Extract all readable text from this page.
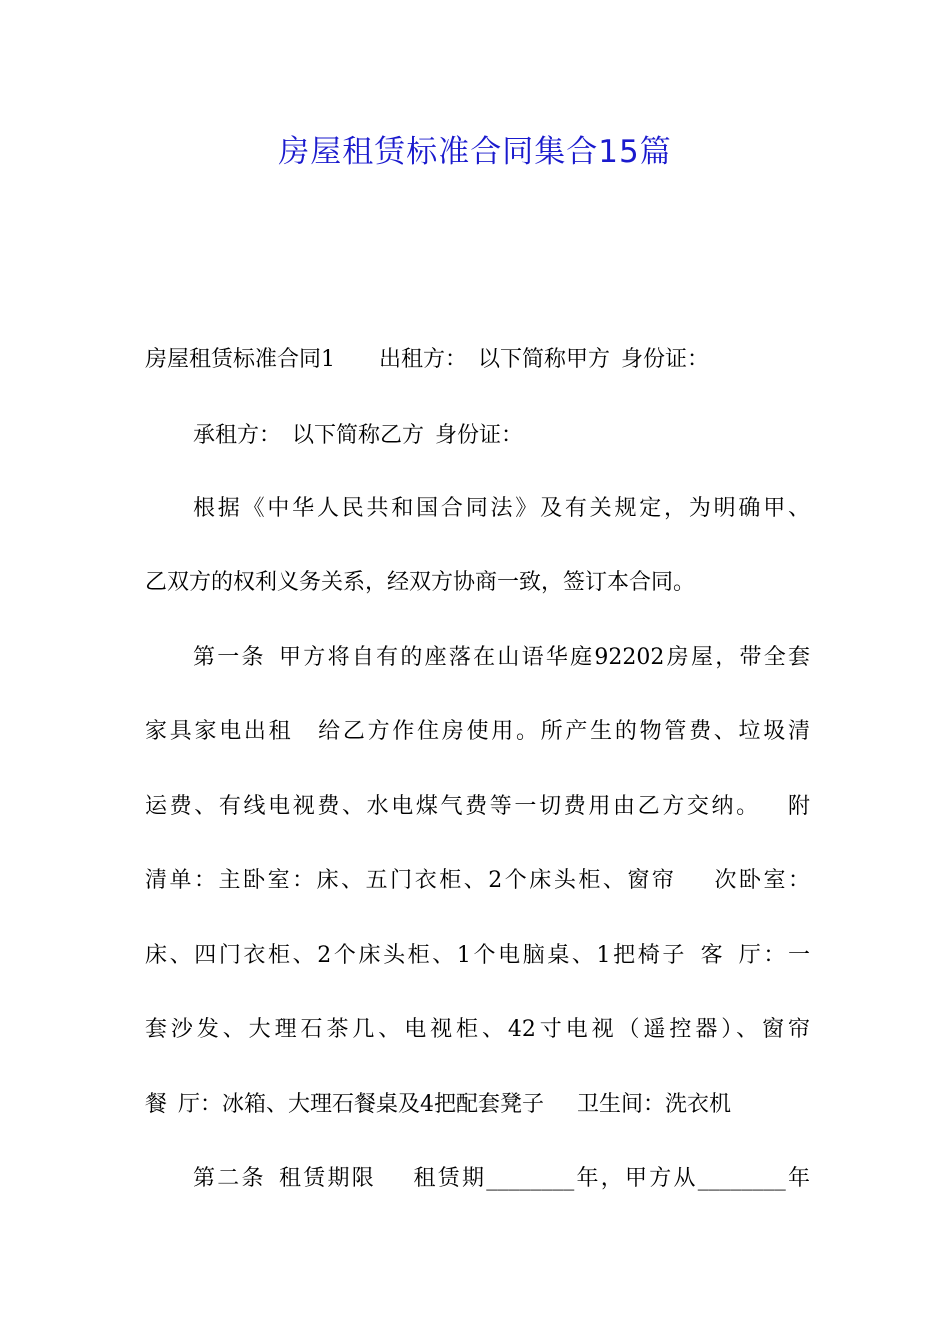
房屋租赁标准合同集合15篇
房屋租赁标准合同1　　出租方：　以下简称甲方 身份证：
承租方：　以下简称乙方 身份证：
根据《中华人民共和国合同法》及有关规定，为明确甲、
乙双方的权利义务关系，经双方协商一致，签订本合同。
第一条 甲方将自有的座落在山语华庭92202房屋，带全套
家具家电出租　给乙方作住房使用。所产生的物管费、垃圾清
运费、有线电视费、水电煤气费等一切费用由乙方交纳。　 附
清单：主卧室：床、五门衣柜、2个床头柜、窗帘　 次卧室：
床、四门衣柜、2个床头柜、1个电脑桌、1把椅子 客 厅：一
套沙发、大理石茶几、电视柜、42寸电视（遥控器）、窗帘
餐 厅：冰箱、大理石餐桌及4把配套凳子　 卫生间：洗衣机
第二条 租赁期限　 租赁期________年，甲方从________年
